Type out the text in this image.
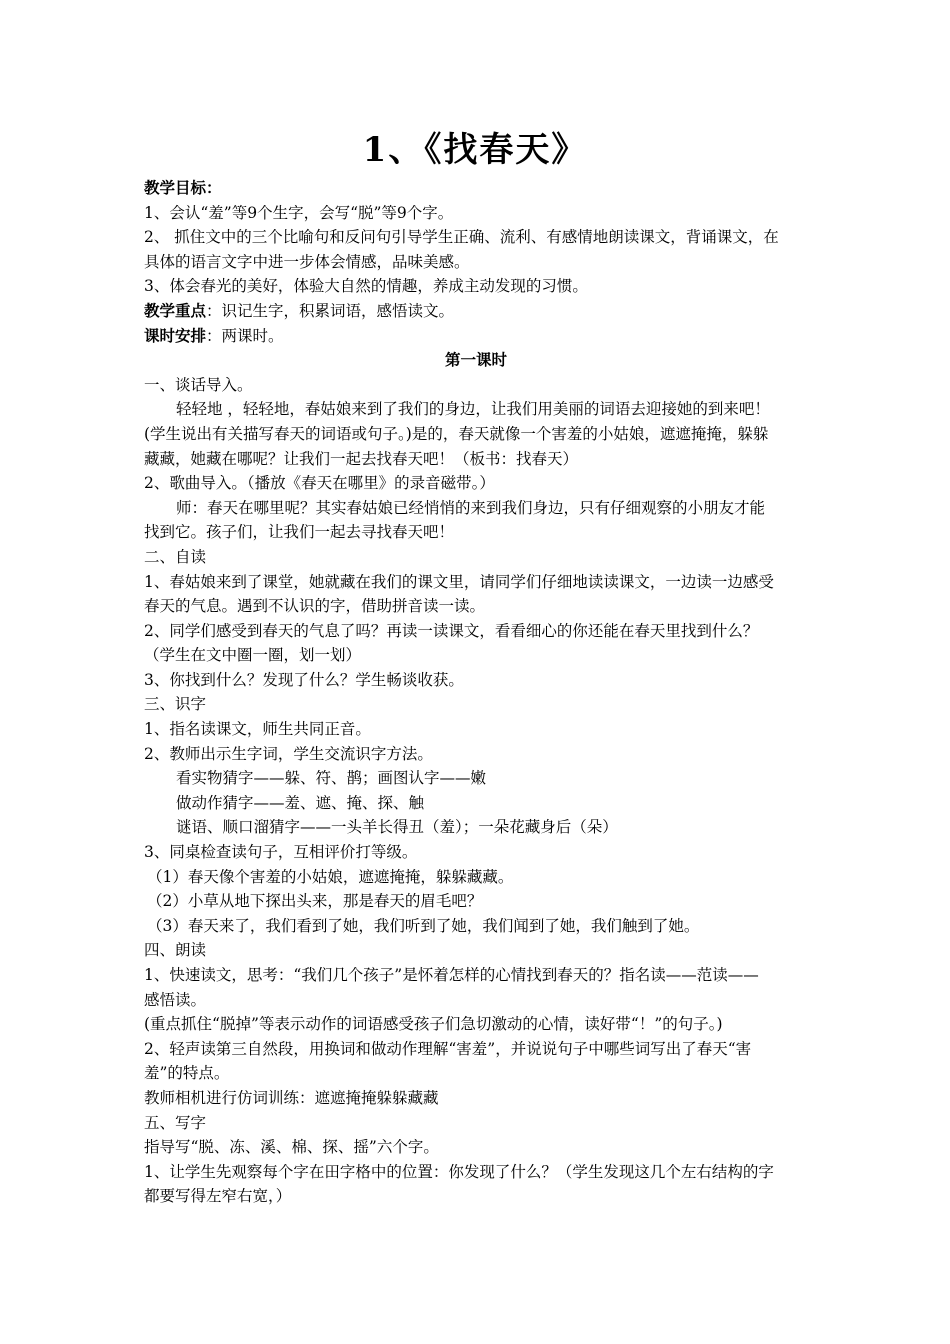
1、《找春天》
教学目标：
1、会认“羞”等9个生字，会写“脱”等9个字。
2、 抓住文中的三个比喻句和反问句引导学生正确、流利、有感情地朗读课文，背诵课文，在
具体的语言文字中进一步体会情感，品味美感。
3、体会春光的美好，体验大自然的情趣，养成主动发现的习惯。
教学重点：识记生字，积累词语，感悟读文。
课时安排：两课时。
第一课时
一、谈话导入。
轻轻地 ，轻轻地，春姑娘来到了我们的身边，让我们用美丽的词语去迎接她的到来吧！
(学生说出有关描写春天的词语或句子。)是的，春天就像一个害羞的小姑娘，遮遮掩掩，躲躲
藏藏，她藏在哪呢？让我们一起去找春天吧！（板书：找春天）
2、歌曲导入。（播放《春天在哪里》的录音磁带。）
师：春天在哪里呢？其实春姑娘已经悄悄的来到我们身边，只有仔细观察的小朋友才能
找到它。孩子们，让我们一起去寻找春天吧！
二、自读
1、春姑娘来到了课堂，她就藏在我们的课文里，请同学们仔细地读读课文，一边读一边感受
春天的气息。遇到不认识的字，借助拼音读一读。
2、同学们感受到春天的气息了吗？再读一读课文，看看细心的你还能在春天里找到什么？
（学生在文中圈一圈，划一划）
3、你找到什么？发现了什么？学生畅谈收获。
三、识字
1、指名读课文，师生共同正音。
2、教师出示生字词，学生交流识字方法。
看实物猜字——躲、符、鹊；画图认字——嫩
做动作猜字——羞、遮、掩、探、触
谜语、顺口溜猜字——一头羊长得丑（羞）；一朵花藏身后（朵）
3、同桌检查读句子，互相评价打等级。
（1）春天像个害羞的小姑娘，遮遮掩掩，躲躲藏藏。
（2）小草从地下探出头来，那是春天的眉毛吧？
（3）春天来了，我们看到了她，我们听到了她，我们闻到了她，我们触到了她。
四、朗读
1、快速读文，思考：“我们几个孩子”是怀着怎样的心情找到春天的？指名读——范读——
感悟读。
(重点抓住“脱掉”等表示动作的词语感受孩子们急切激动的心情，读好带“！”的句子。)
2、轻声读第三自然段，用换词和做动作理解“害羞”，并说说句子中哪些词写出了春天“害
羞”的特点。
教师相机进行仿词训练：遮遮掩掩躲躲藏藏
五、写字
指导写“脱、冻、溪、棉、探、摇”六个字。
1、让学生先观察每个字在田字格中的位置：你发现了什么？（学生发现这几个左右结构的字
都要写得左窄右宽，）
